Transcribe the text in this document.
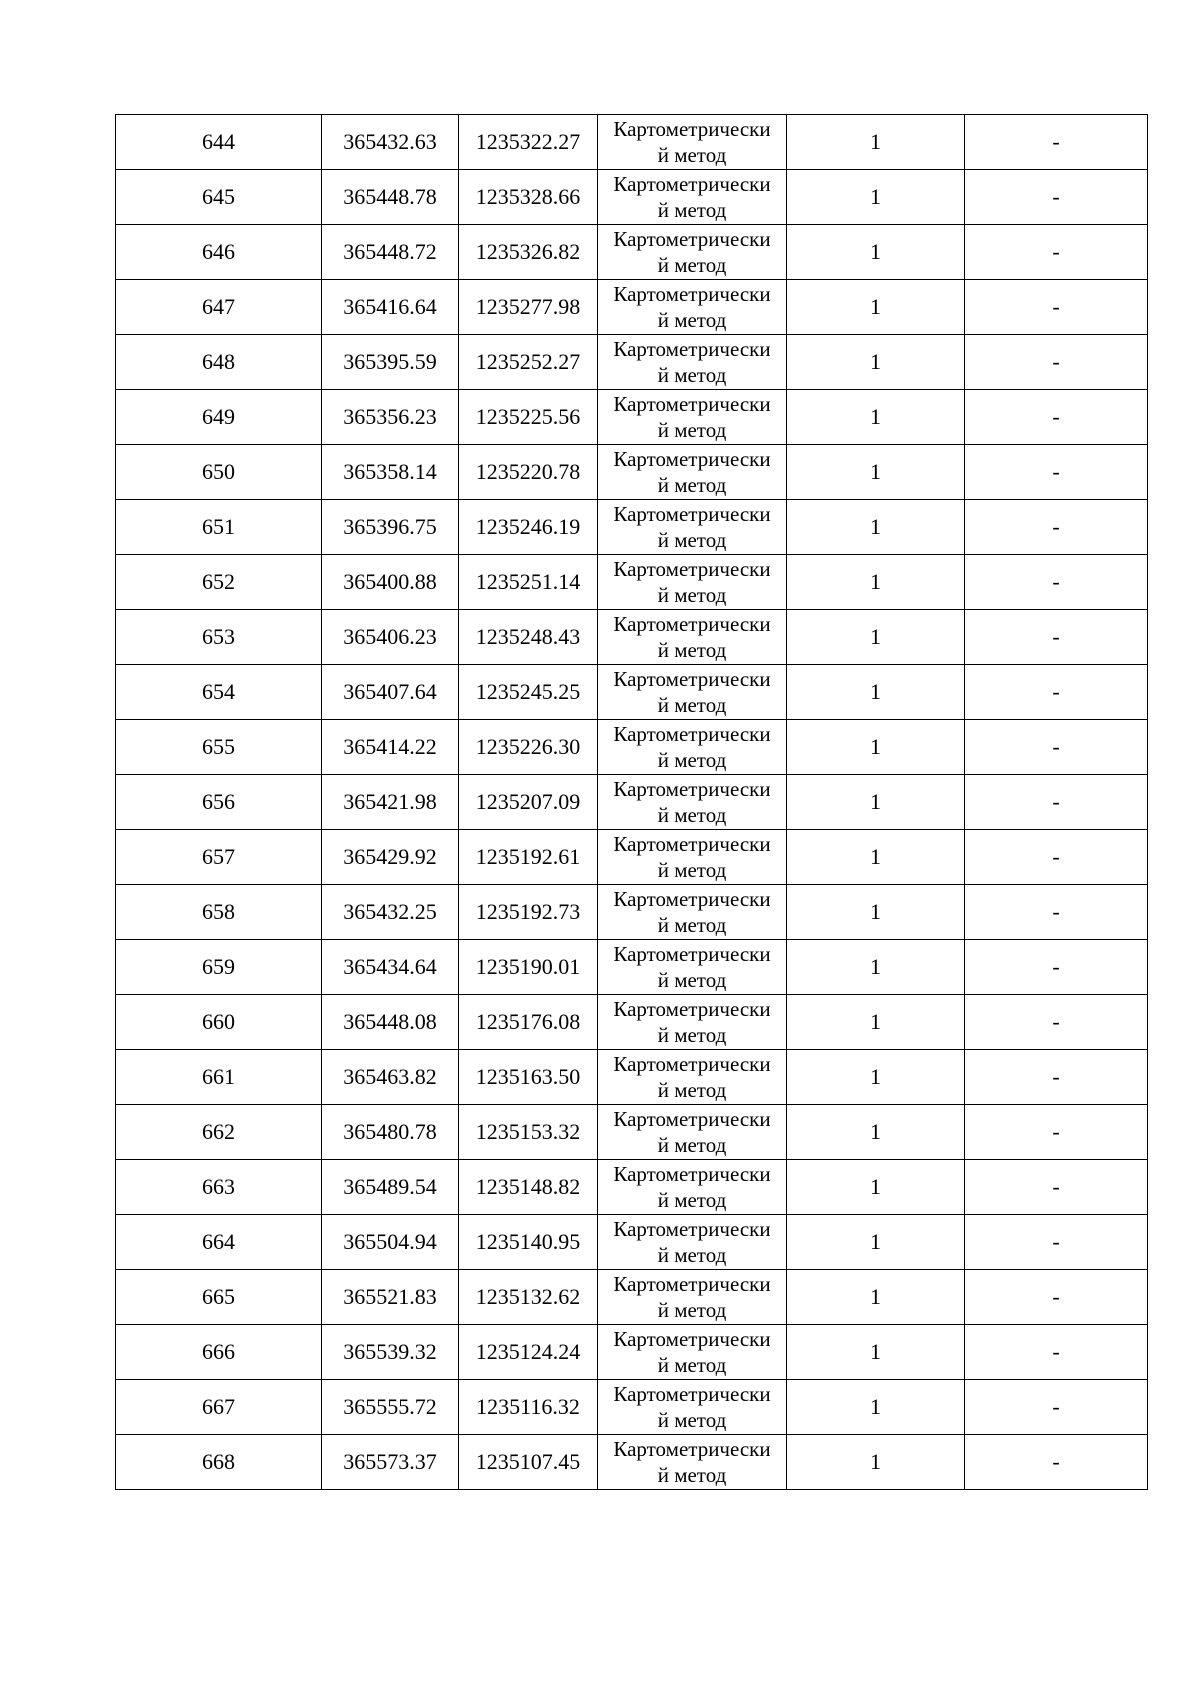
644	365432.63	1235322.27	Картометрически
й метод	1	-
645	365448.78	1235328.66	Картометрически
й метод	1	-
646	365448.72	1235326.82	Картометрически
й метод	1	-
647	365416.64	1235277.98	Картометрически
й метод	1	-
648	365395.59	1235252.27	Картометрически
й метод	1	-
649	365356.23	1235225.56	Картометрически
й метод	1	-
650	365358.14	1235220.78	Картометрически
й метод	1	-
651	365396.75	1235246.19	Картометрически
й метод	1	-
652	365400.88	1235251.14	Картометрически
й метод	1	-
653	365406.23	1235248.43	Картометрически
й метод	1	-
654	365407.64	1235245.25	Картометрически
й метод	1	-
655	365414.22	1235226.30	Картометрически
й метод	1	-
656	365421.98	1235207.09	Картометрически
й метод	1	-
657	365429.92	1235192.61	Картометрически
й метод	1	-
658	365432.25	1235192.73	Картометрически
й метод	1	-
659	365434.64	1235190.01	Картометрически
й метод	1	-
660	365448.08	1235176.08	Картометрически
й метод	1	-
661	365463.82	1235163.50	Картометрически
й метод	1	-
662	365480.78	1235153.32	Картометрически
й метод	1	-
663	365489.54	1235148.82	Картометрически
й метод	1	-
664	365504.94	1235140.95	Картометрически
й метод	1	-
665	365521.83	1235132.62	Картометрически
й метод	1	-
666	365539.32	1235124.24	Картометрически
й метод	1	-
667	365555.72	1235116.32	Картометрически
й метод	1	-
668	365573.37	1235107.45	Картометрически
й метод	1	-
